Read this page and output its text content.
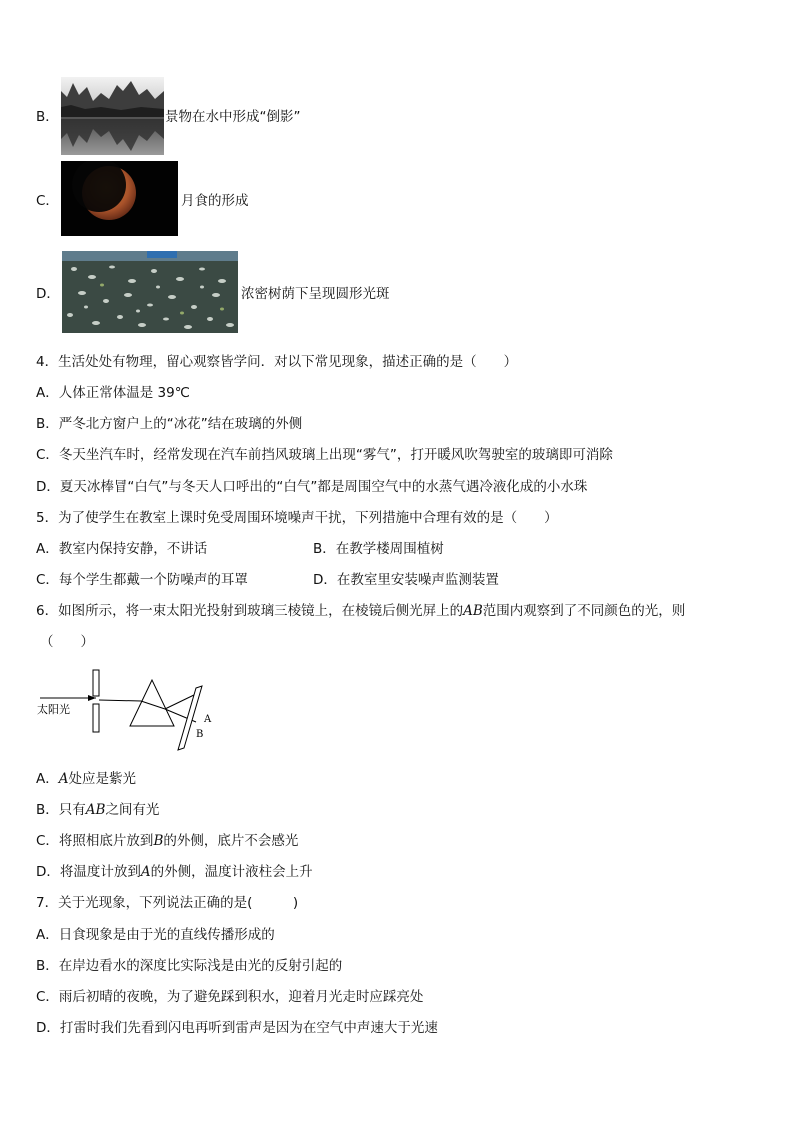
B．	景物在水中形成“倒影”
C．	月食的形成
D．	浓密树荫下呈现圆形光斑
4．生活处处有物理，留心观察皆学问．对以下常见现象，描述正确的是（　　）
A．人体正常体温是 39℃
B．严冬北方窗户上的“冰花”结在玻璃的外侧
C．冬天坐汽车时，经常发现在汽车前挡风玻璃上出现“雾气”，打开暖风吹驾驶室的玻璃即可消除
D．夏天冰棒冒“白气”与冬天人口呼出的“白气”都是周围空气中的水蒸气遇冷液化成的小水珠
5．为了使学生在教室上课时免受周围环境噪声干扰，下列措施中合理有效的是（　　）
A．教室内保持安静，不讲话	B．在教学楼周围植树
C．每个学生都戴一个防噪声的耳罩	D．在教室里安装噪声监测装置
6．如图所示，将一束太阳光投射到玻璃三棱镜上，在棱镜后侧光屏上的AB范围内观察到了不同颜色的光，则
（　　）
太阳光
A
B
A．A处应是紫光
B．只有AB之间有光
C．将照相底片放到B的外侧，底片不会感光
D．将温度计放到A的外侧，温度计液柱会上升
7．关于光现象，下列说法正确的是(　　　)
A．日食现象是由于光的直线传播形成的
B．在岸边看水的深度比实际浅是由光的反射引起的
C．雨后初晴的夜晚，为了避免踩到积水，迎着月光走时应踩亮处
D．打雷时我们先看到闪电再听到雷声是因为在空气中声速大于光速
